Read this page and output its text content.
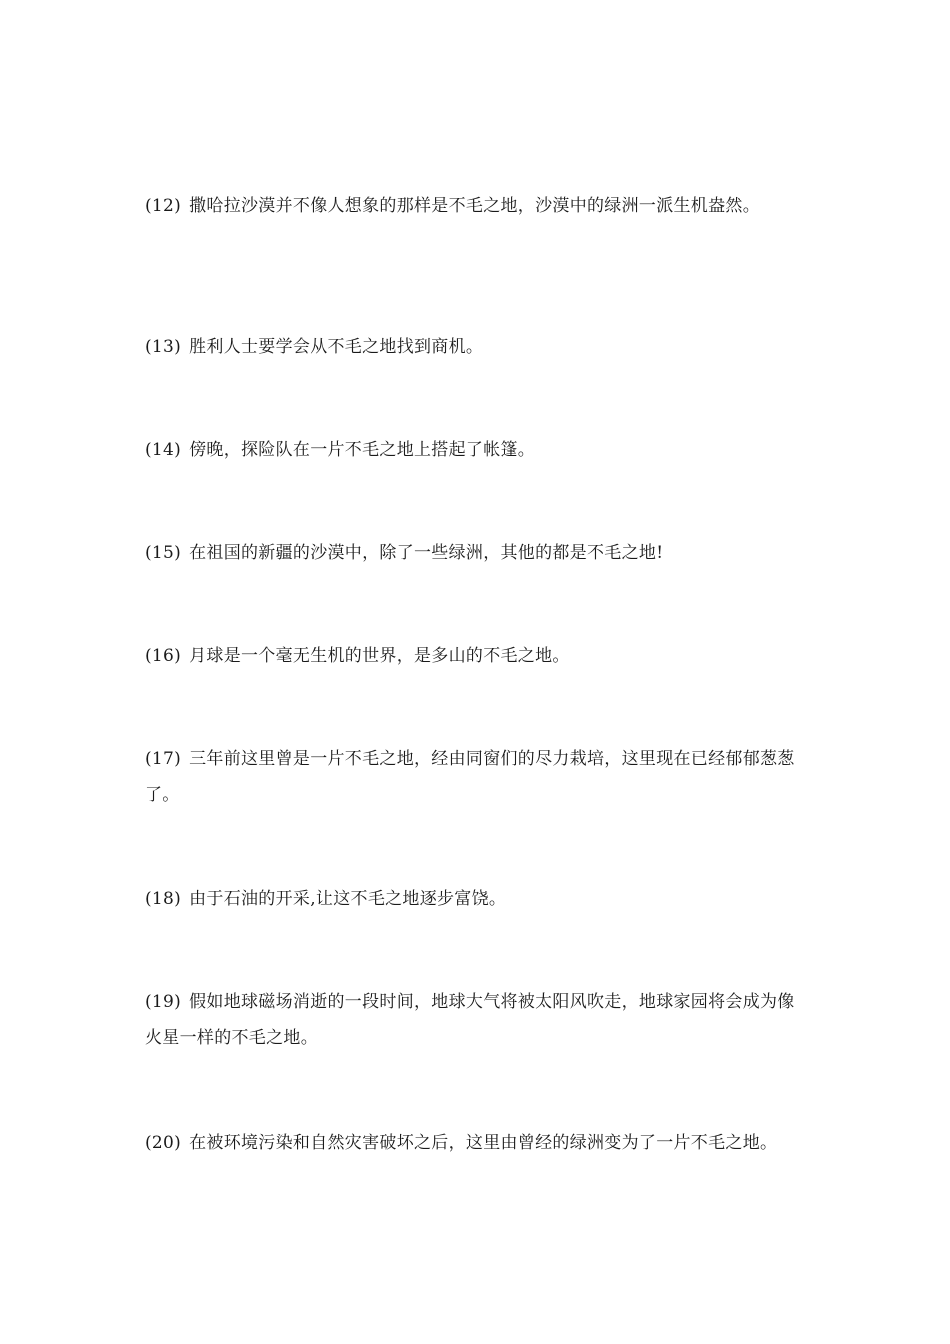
(12) 撒哈拉沙漠并不像人想象的那样是不毛之地，沙漠中的绿洲一派生机盎然。

(13) 胜利人士要学会从不毛之地找到商机。

(14) 傍晚，探险队在一片不毛之地上搭起了帐篷。

(15) 在祖国的新疆的沙漠中，除了一些绿洲，其他的都是不毛之地!

(16) 月球是一个毫无生机的世界，是多山的不毛之地。

(17) 三年前这里曾是一片不毛之地，经由同窗们的尽力栽培，这里现在已经郁郁葱葱了。

(18) 由于石油的开采,让这不毛之地逐步富饶。

(19) 假如地球磁场消逝的一段时间，地球大气将被太阳风吹走，地球家园将会成为像火星一样的不毛之地。

(20) 在被环境污染和自然灾害破坏之后，这里由曾经的绿洲变为了一片不毛之地。
